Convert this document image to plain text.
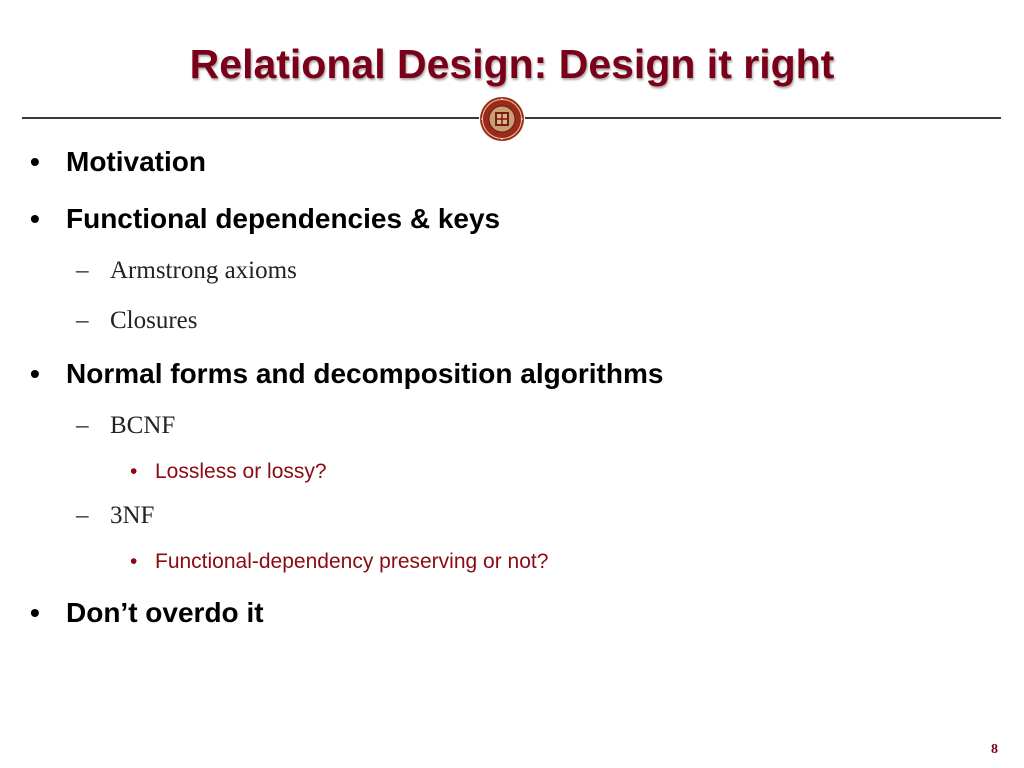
Relational Design: Design it right
• Motivation
• Functional dependencies & keys
– Armstrong axioms
– Closures
• Normal forms and decomposition algorithms
– BCNF
• Lossless or lossy?
– 3NF
• Functional-dependency preserving or not?
• Don’t overdo it
8
